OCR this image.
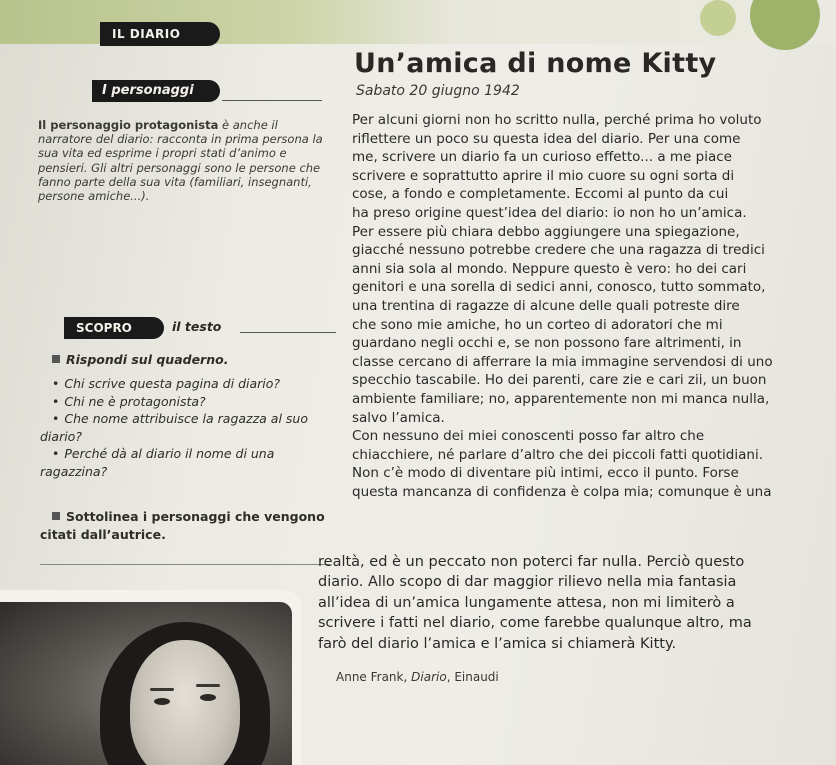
IL DIARIO
Un’amica di nome Kitty
Sabato 20 giugno 1942
I personaggi
Il personaggio protagonista è anche il narratore del diario: racconta in prima persona la sua vita ed esprime i propri stati d’animo e pensieri. Gli altri personaggi sono le persone che fanno parte della sua vita (familiari, insegnanti, persone amiche...).
SCOPRO	il testo
Rispondi sul quaderno.
• Chi scrive questa pagina di diario?
• Chi ne è protagonista?
• Che nome attribuisce la ragazza al suo diario?
• Perché dà al diario il nome di una ragazzina?
Sottolinea i personaggi che vengono citati dall’autrice.

Per alcuni giorni non ho scritto nulla, perché prima ho voluto

riflettere un poco su questa idea del diario. Per una come

me, scrivere un diario fa un curioso effetto... a me piace

scrivere e soprattutto aprire il mio cuore su ogni sorta di

cose, a fondo e completamente. Eccomi al punto da cui

ha preso origine quest’idea del diario: io non ho un’amica.

Per essere più chiara debbo aggiungere una spiegazione,

giacché nessuno potrebbe credere che una ragazza di tredici

anni sia sola al mondo. Neppure questo è vero: ho dei cari

genitori e una sorella di sedici anni, conosco, tutto sommato,

una trentina di ragazze di alcune delle quali potreste dire

che sono mie amiche, ho un corteo di adoratori che mi

guardano negli occhi e, se non possono fare altrimenti, in

classe cercano di afferrare la mia immagine servendosi di uno

specchio tascabile. Ho dei parenti, care zie e cari zii, un buon

ambiente familiare; no, apparentemente non mi manca nulla,

salvo l’amica.

Con nessuno dei miei conoscenti posso far altro che

chiacchiere, né parlare d’altro che dei piccoli fatti quotidiani.

Non c’è modo di diventare più intimi, ecco il punto. Forse

questa mancanza di confidenza è colpa mia; comunque è una

realtà, ed è un peccato non poterci far nulla. Perciò questo
diario. Allo scopo di dar maggior rilievo nella mia fantasia
all’idea di un’amica lungamente attesa, non mi limiterò a
scrivere i fatti nel diario, come farebbe qualunque altro, ma
farò del diario l’amica e l’amica si chiamerà Kitty.
Anne Frank, Diario, Einaudi
